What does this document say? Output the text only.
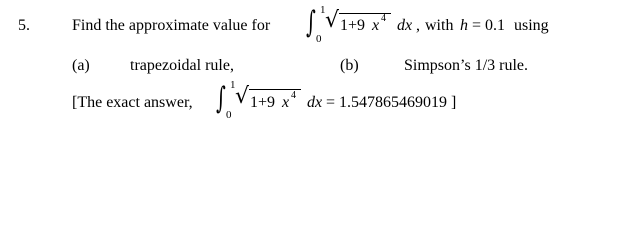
5.	Find the approximate value for ∫ 1
0
√ 1+9 x 4 dx , with h = 0.1 using
(a)	trapezoidal rule,	(b)	Simpson’s 1/3 rule.
[The exact answer, ∫ 1
0
√ 1+9 x 4 dx = 1.547865469019 ]
